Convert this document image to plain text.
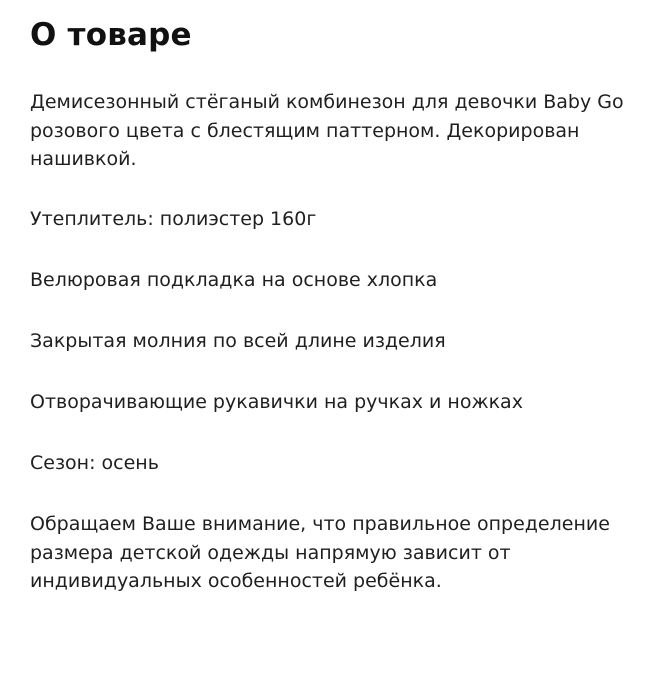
О товаре

Демисезонный стёганый комбинезон для девочки Baby Go розового цвета с блестящим паттерном. Декорирован нашивкой.

Утеплитель: полиэстер 160г

Велюровая подкладка на основе хлопка

Закрытая молния по всей длине изделия

Отворачивающие рукавички на ручках и ножках

Сезон: осень

Обращаем Ваше внимание, что правильное определение размера детской одежды напрямую зависит от индивидуальных особенностей ребёнка.
